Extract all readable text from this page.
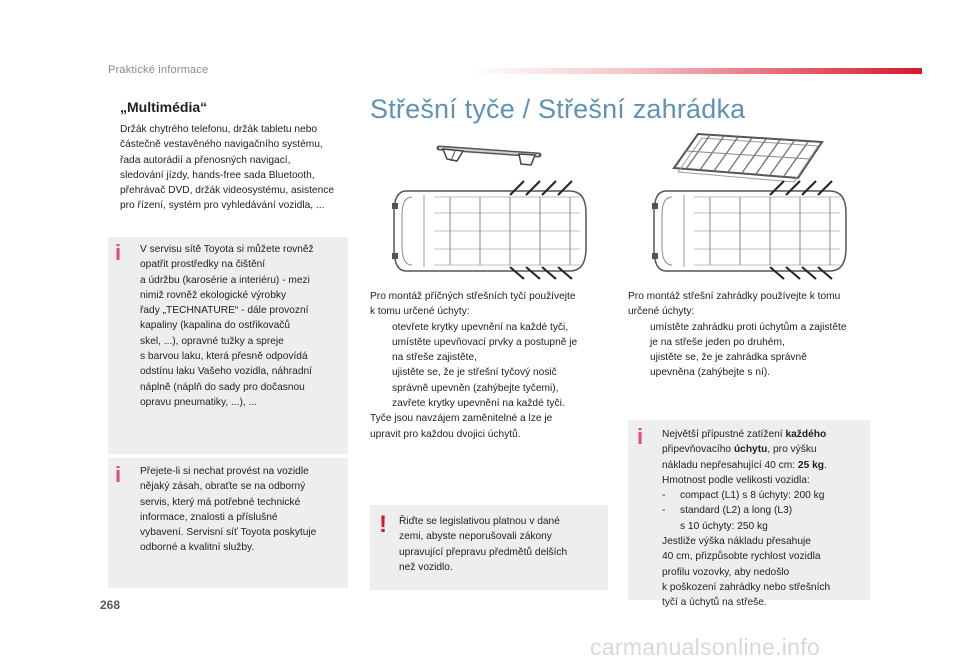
Praktické informace
„Multimédia“

Držák chytrého telefonu, držák tabletu nebo
částečně vestavěného navigačního systému,
řada autorádií a přenosných navigací,
sledování jízdy, hands-free sada Bluetooth,
přehrávač DVD, držák videosystému, asistence
pro řízení, systém pro vyhledávání vozidla, ...

i V servisu sítě Toyota si můžete rovněž
opatřit prostředky na čištění
a údržbu (karosérie a interiéru) - mezi
nimiž rovněž ekologické výrobky
řady „TECHNATURE“ - dále provozní
kapaliny (kapalina do ostřikovačů
skel, ...), opravné tužky a spreje
s barvou laku, která přesně odpovídá
odstínu laku Vašeho vozidla, náhradní
náplně (náplň do sady pro dočasnou
opravu pneumatiky, ...), ...
i Přejete-li si nechat provést na vozidle
nějaký zásah, obraťte se na odborný
servis, který má potřebné technické
informace, znalosti a příslušné
vybavení. Servisní síť Toyota poskytuje
odborné a kvalitní služby.
Střešní tyče / Střešní zahrádka

Pro montáž příčných střešních tyčí používejte
k tomu určené úchyty:

otevřete krytky upevnění na každé tyči,

umístěte upevňovací prvky a postupně je
na střeše zajistěte,

ujistěte se, že je střešní tyčový nosič
správně upevněn (zahýbejte tyčemi),

zavřete krytky upevnění na každé tyči.

Tyče jsou navzájem zaměnitelné a lze je
upravit pro každou dvojici úchytů.

Pro montáž střešní zahrádky používejte k tomu
určené úchyty:

umístěte zahrádku proti úchytům a zajistěte
je na střeše jeden po druhém,

ujistěte se, že je zahrádka správně
upevněna (zahýbejte s ní).

! Řiďte se legislativou platnou v dané
zemi, abyste neporušovali zákony
upravující přepravu předmětů delších
než vozidlo.
i Největší přípustné zatížení každého
připevňovacího úchytu, pro výšku
nákladu nepřesahující 40 cm: 25 kg.
Hmotnost podle velikosti vozidla:
- compact (L1) s 8 úchyty: 200 kg
- standard (L2) a long (L3)
s 10 úchyty: 250 kg
Jestliže výška nákladu přesahuje
40 cm, přizpůsobte rychlost vozidla
profilu vozovky, aby nedošlo
k poškození zahrádky nebo střešních
tyčí a úchytů na střeše.
268
carmanualsonline.info
